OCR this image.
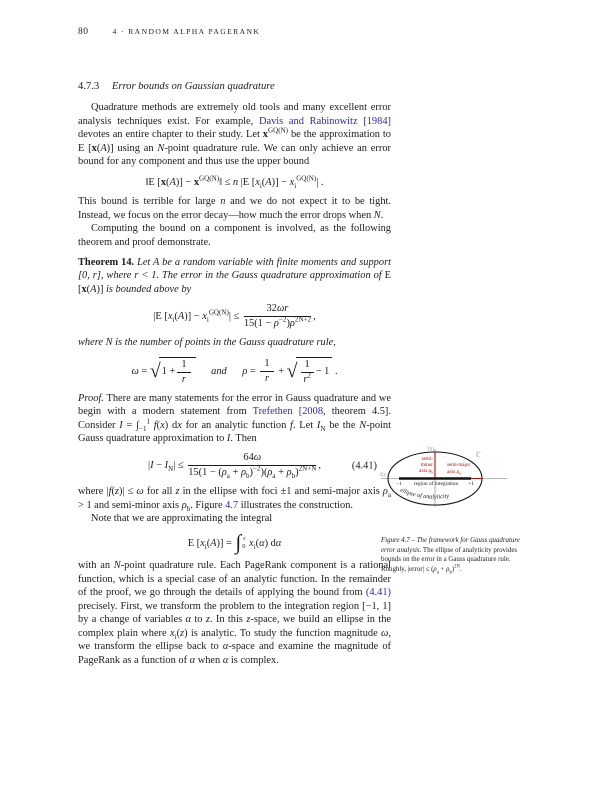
80	4 · RANDOM ALPHA PAGERANK
4.7.3 Error bounds on Gaussian quadrature

Quadrature methods are extremely old tools and many excellent error analysis techniques exist. For example, Davis and Rabinowitz [1984] devotes an entire chapter to their study. Let $x^{GQ(N)}$ be the approximation to E [x(A)] using an N-point quadrature rule. We can only achieve an error bound for any component and thus use the upper bound

‖E $[x(A)] - x^{GQ(N)}‖ \le n$ |E $[x_i(A)] - x_i^{GQ(N)}|$ .

This bound is terrible for large n and we do not expect it to be tight. Instead, we focus on the error decay—how much the error drops when N.

Computing the bound on a component is involved, as the following theorem and proof demonstrate.

Theorem 14. Let A be a random variable with finite moments and support [0, r], where r < 1. The error in the Gauss quadrature approximation of E [x(A)] is bounded above by

|E $[x_i(A)] - x_i^{GQ(N)}| \le \frac{32\omega r}{15(1 - \rho^{-2})\rho^{2N+2}}$ ,

where N is the number of points in the Gauss quadrature rule,

ω = √ $1 + \frac{1}{r}$
   and   $\rho = \frac{1}{r}$ + √ $\frac{1}{r^2} - 1$ .

Proof. There are many statements for the error in Gauss quadrature and we begin with a modern statement from Trefethen [2008, theorem 4.5]. Consider $I = \int_{-1}^1$ f(x) dx for an analytic function f. Let $I_N$ be the N-point Gauss quadrature approximation to I. Then

$|I - I_N| \le \frac{64\omega}{15(1 - (\rho_a + \rho_b)^{-2})(\rho_a + \rho_b)^{2N+N}}$ ,	(4.41)

where |f(z)| ≤ ω for all z in the ellipse with foci ±1 and semi-major axis $\rho_a > 1$ and semi-minor axis $\rho_b$. Figure 4.7 illustrates the construction.

Note that we are approximating the integral

E $[x_i(A)]$ = ∫ r
0 $x_i(\alpha)$ dα

with an N-point quadrature rule. Each PageRank component is a rational function, which is a special case of an analytic function. In the remainder of the proof, we go through the details of applying the bound from (4.41) precisely. First, we transform the problem to the integration region [−1, 1] by a change of variables α to z. In this z-space, we build an ellipse in the complex plain where $x_i(z)$ is analytic. To study the function magnitude ω, we transform the ellipse back to α-space and examine the magnitude of PageRank as a function of α when α is complex.

Im
Re
ℂ
semi-
minor
axis $\rho_b$
semi-major
axis $\rho_a$
−1	+1
region of integration
ellipse of analyticity
Figure 4.7 – The framework for Gauss quadrature error analysis. The ellipse of analyticity provides bounds on the error in a Gauss quadrature rule. Roughly, |error| ≤ $(\rho_a + \rho_b)^{2N}$.
